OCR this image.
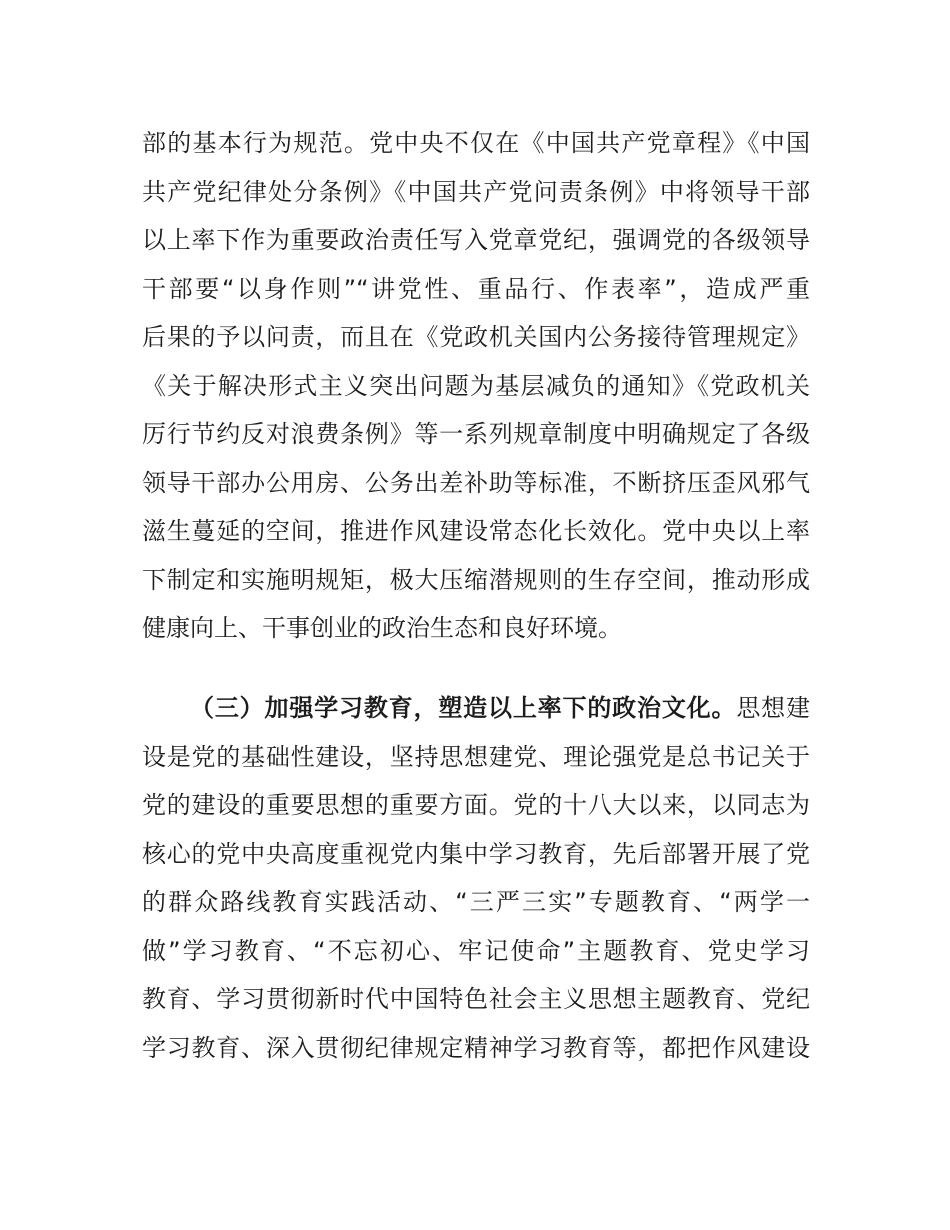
部的基本行为规范。党中央不仅在《中国共产党章程》《中国
共产党纪律处分条例》《中国共产党问责条例》中将领导干部
以上率下作为重要政治责任写入党章党纪，强调党的各级领导
干部要“以身作则”“讲党性、重品行、作表率”，造成严重
后果的予以问责，而且在《党政机关国内公务接待管理规定》
《关于解决形式主义突出问题为基层减负的通知》《党政机关
厉行节约反对浪费条例》等一系列规章制度中明确规定了各级
领导干部办公用房、公务出差补助等标准，不断挤压歪风邪气
滋生蔓延的空间，推进作风建设常态化长效化。党中央以上率
下制定和实施明规矩，极大压缩潜规则的生存空间，推动形成
健康向上、干事创业的政治生态和良好环境。
（三）加强学习教育，塑造以上率下的政治文化。思想建
设是党的基础性建设，坚持思想建党、理论强党是总书记关于
党的建设的重要思想的重要方面。党的十八大以来，以同志为
核心的党中央高度重视党内集中学习教育，先后部署开展了党
的群众路线教育实践活动、“三严三实”专题教育、“两学一
做”学习教育、“不忘初心、牢记使命”主题教育、党史学习
教育、学习贯彻新时代中国特色社会主义思想主题教育、党纪
学习教育、深入贯彻纪律规定精神学习教育等，都把作风建设
